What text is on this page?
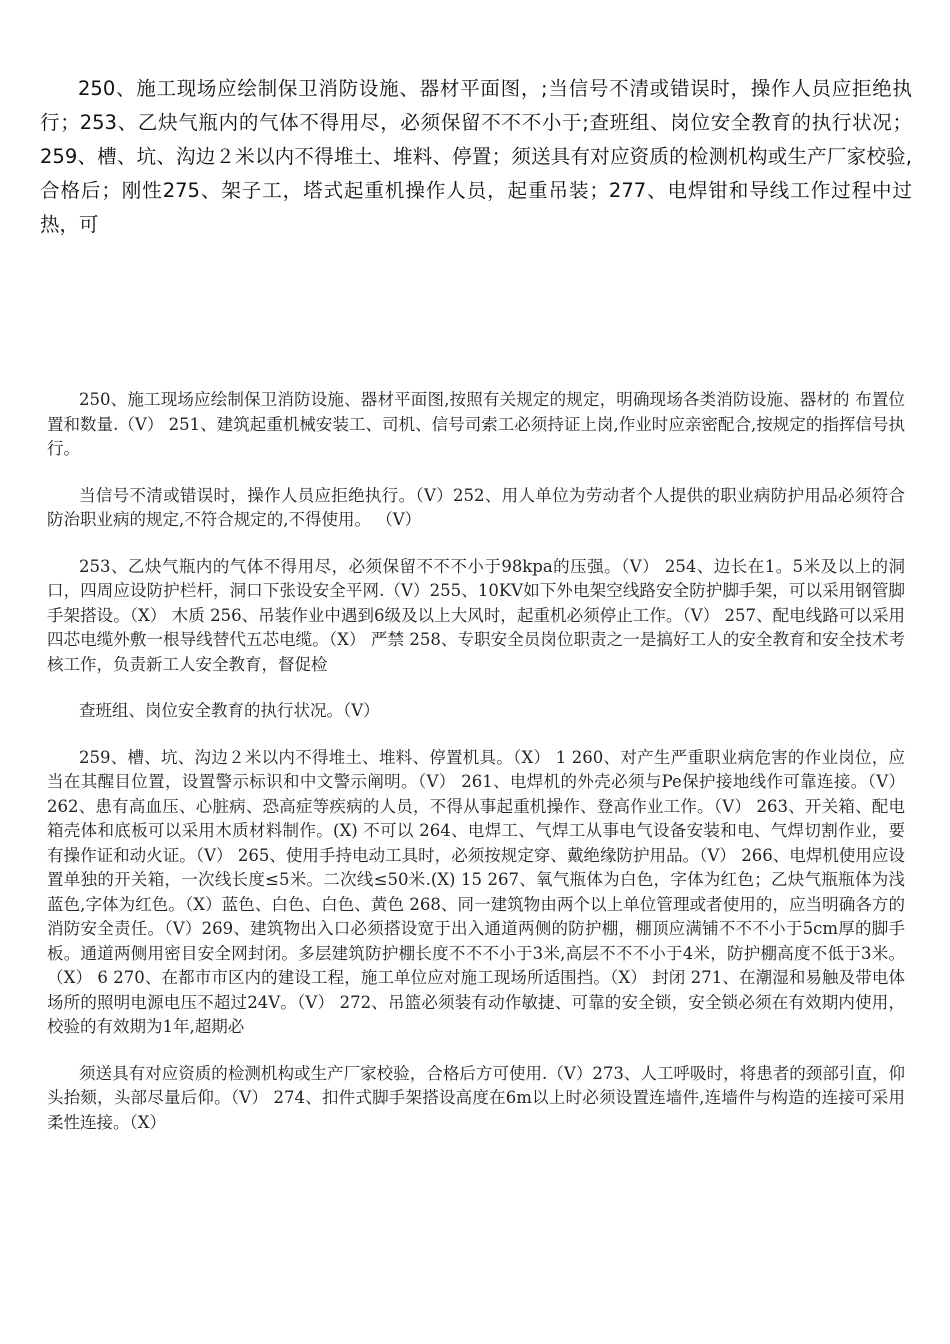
250、施工现场应绘制保卫消防设施、器材平面图，;当信号不清或错误时，操作人员应拒绝执行；253、乙炔气瓶内的气体不得用尽，必须保留不不不小于;查班组、岗位安全教育的执行状况；259、槽、坑、沟边２米以内不得堆土、堆料、停置；须送具有对应资质的检测机构或生产厂家校验,合格后；刚性275、架子工，塔式起重机操作人员，起重吊装；277、电焊钳和导线工作过程中过热，可

250、施工现场应绘制保卫消防设施、器材平面图,按照有关规定的规定，明确现场各类消防设施、器材的 布置位置和数量.（V） 251、建筑起重机械安装工、司机、信号司索工必须持证上岗,作业时应亲密配合,按规定的指挥信号执行。

当信号不清或错误时，操作人员应拒绝执行。（V）252、用人单位为劳动者个人提供的职业病防护用品必须符合防治职业病的规定,不符合规定的,不得使用。 （V）

253、乙炔气瓶内的气体不得用尽，必须保留不不不小于98kpa的压强。（V） 254、边长在1。5米及以上的洞口，四周应设防护栏杆，洞口下张设安全平网.（V）255、10KV如下外电架空线路安全防护脚手架，可以采用钢管脚手架搭设。（X） 木质 256、吊装作业中遇到6级及以上大风时，起重机必须停止工作。（V） 257、配电线路可以采用四芯电缆外敷一根导线替代五芯电缆。（X） 严禁 258、专职安全员岗位职责之一是搞好工人的安全教育和安全技术考核工作，负责新工人安全教育，督促检

查班组、岗位安全教育的执行状况。（V）

259、槽、坑、沟边２米以内不得堆土、堆料、停置机具。（X） 1 260、对产生严重职业病危害的作业岗位，应当在其醒目位置，设置警示标识和中文警示阐明。（V） 261、电焊机的外壳必须与Pe保护接地线作可靠连接。（V） 262、患有高血压、心脏病、恐高症等疾病的人员，不得从事起重机操作、登高作业工作。（V） 263、开关箱、配电箱壳体和底板可以采用木质材料制作。(X) 不可以 264、电焊工、气焊工从事电气设备安装和电、气焊切割作业，要有操作证和动火证。（V） 265、使用手持电动工具时，必须按规定穿、戴绝缘防护用品。（V） 266、电焊机使用应设置单独的开关箱，一次线长度≤5米。二次线≤50米.(X) 15 267、氧气瓶体为白色，字体为红色；乙炔气瓶瓶体为浅蓝色,字体为红色。（X）蓝色、白色、白色、黄色 268、同一建筑物由两个以上单位管理或者使用的，应当明确各方的消防安全责任。（V）269、建筑物出入口必须搭设宽于出入通道两侧的防护棚，棚顶应满铺不不不小于5cm厚的脚手板。通道两侧用密目安全网封闭。多层建筑防护棚长度不不不小于3米,高层不不不小于4米，防护棚高度不低于3米。（X） 6 270、在都市市区内的建设工程，施工单位应对施工现场所适围挡。（X） 封闭 271、在潮湿和易触及带电体场所的照明电源电压不超过24V。（V） 272、吊篮必须装有动作敏捷、可靠的安全锁，安全锁必须在有效期内使用，校验的有效期为1年,超期必

须送具有对应资质的检测机构或生产厂家校验，合格后方可使用.（V）273、人工呼吸时，将患者的颈部引直，仰头抬颏，头部尽量后仰。（V） 274、扣件式脚手架搭设高度在6m以上时必须设置连墙件,连墙件与构造的连接可采用柔性连接。（X）
